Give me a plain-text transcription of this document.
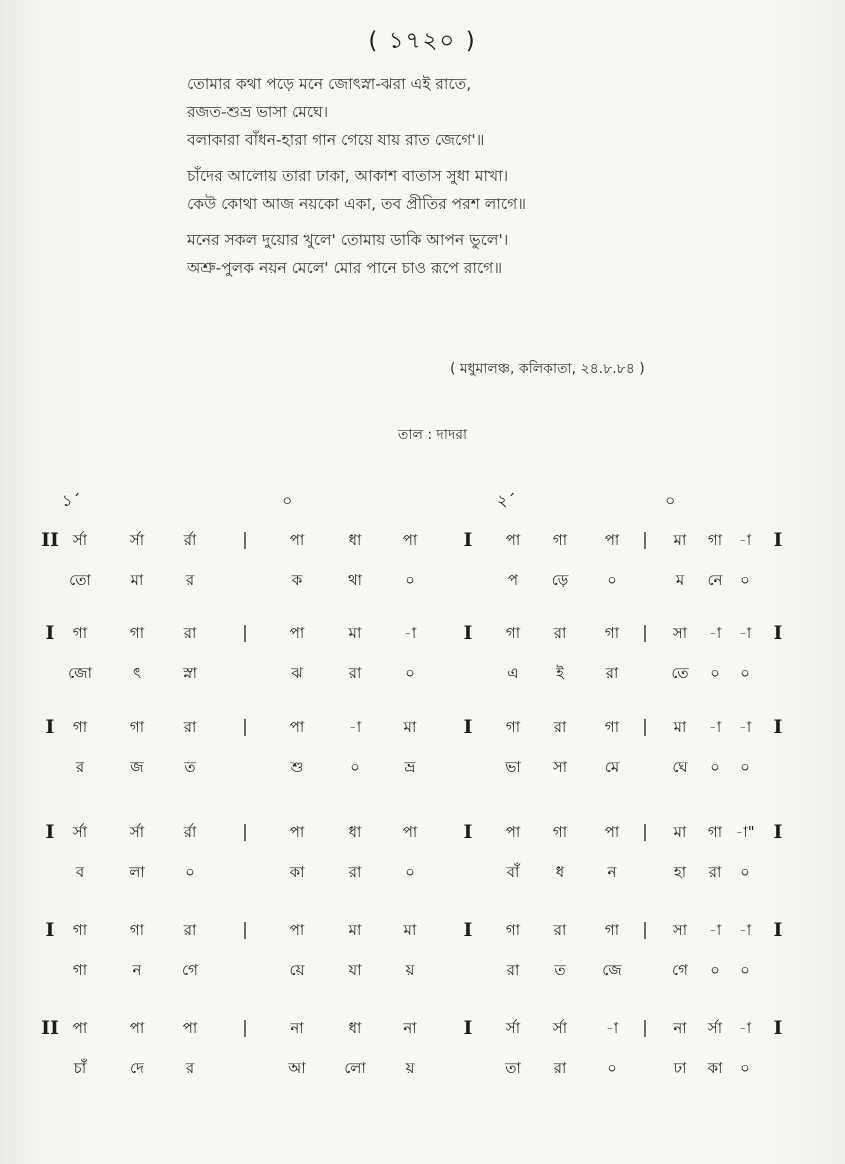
( ১৭২০ )
তোমার কথা পড়ে মনে জোৎস্না-ঝরা এই রাতে,
রজত-শুভ্র ভাসা মেঘে।
বলাকারা বাঁধন-হারা গান গেয়ে যায় রাত জেগে'॥
চাঁদের আলোয় তারা ঢাকা, আকাশ বাতাস সুধা মাখা।
কেউ কোথা আজ নয়কো একা, তব প্রীতির পরশ লাগে॥
মনের সকল দুয়োর খুলে' তোমায় ডাকি আপন ভুলে'।
অশ্রু-পুলক নয়ন মেলে' মোর পানে চাও রূপে রাগে॥
( মধুমালঞ্চ, কলিকাতা, ২৪.৮.৮৪ )
তাল : দাদরা
১´	০	২´	০
II র্সা	র্সা	র্রা	|	পা	ধা	পা I পা গা	পা | মা গা -া I
তো	মা	র	ক	থা	০	প ড়ে	০	ম নে ০
I গা	গা	রা	|	পা	মা	-া I গা রা	গা | সা -া -া I
জো	ৎ	স্না	ঝ	রা	০	এ ই	রা	তে ০ ০
I গা	গা	রা	|	পা	-া	মা I গা রা	গা | মা -া -া I
র	জ	ত	শু	০	ভ্র	ভা সা	মে	ঘে ০ ০
I র্সা	র্সা	র্রা	|	পা	ধা	পা I পা গা	পা | মা গা -া" I
ব	লা	০	কা	রা	০	বাঁ ধ	ন	হা রা ০
I গা	গা	রা	|	পা	মা	মা I গা রা	গা | সা -া -া I
গা	ন	গে	য়ে	যা	য়	রা ত জে	গে ০ ০
II পা	পা	পা	|	না	ধা	না I র্সা র্সা	-া | না র্সা -া I
চাঁ	দে	র	আ	লো	য়	তা রা	০	ঢা কা ০
